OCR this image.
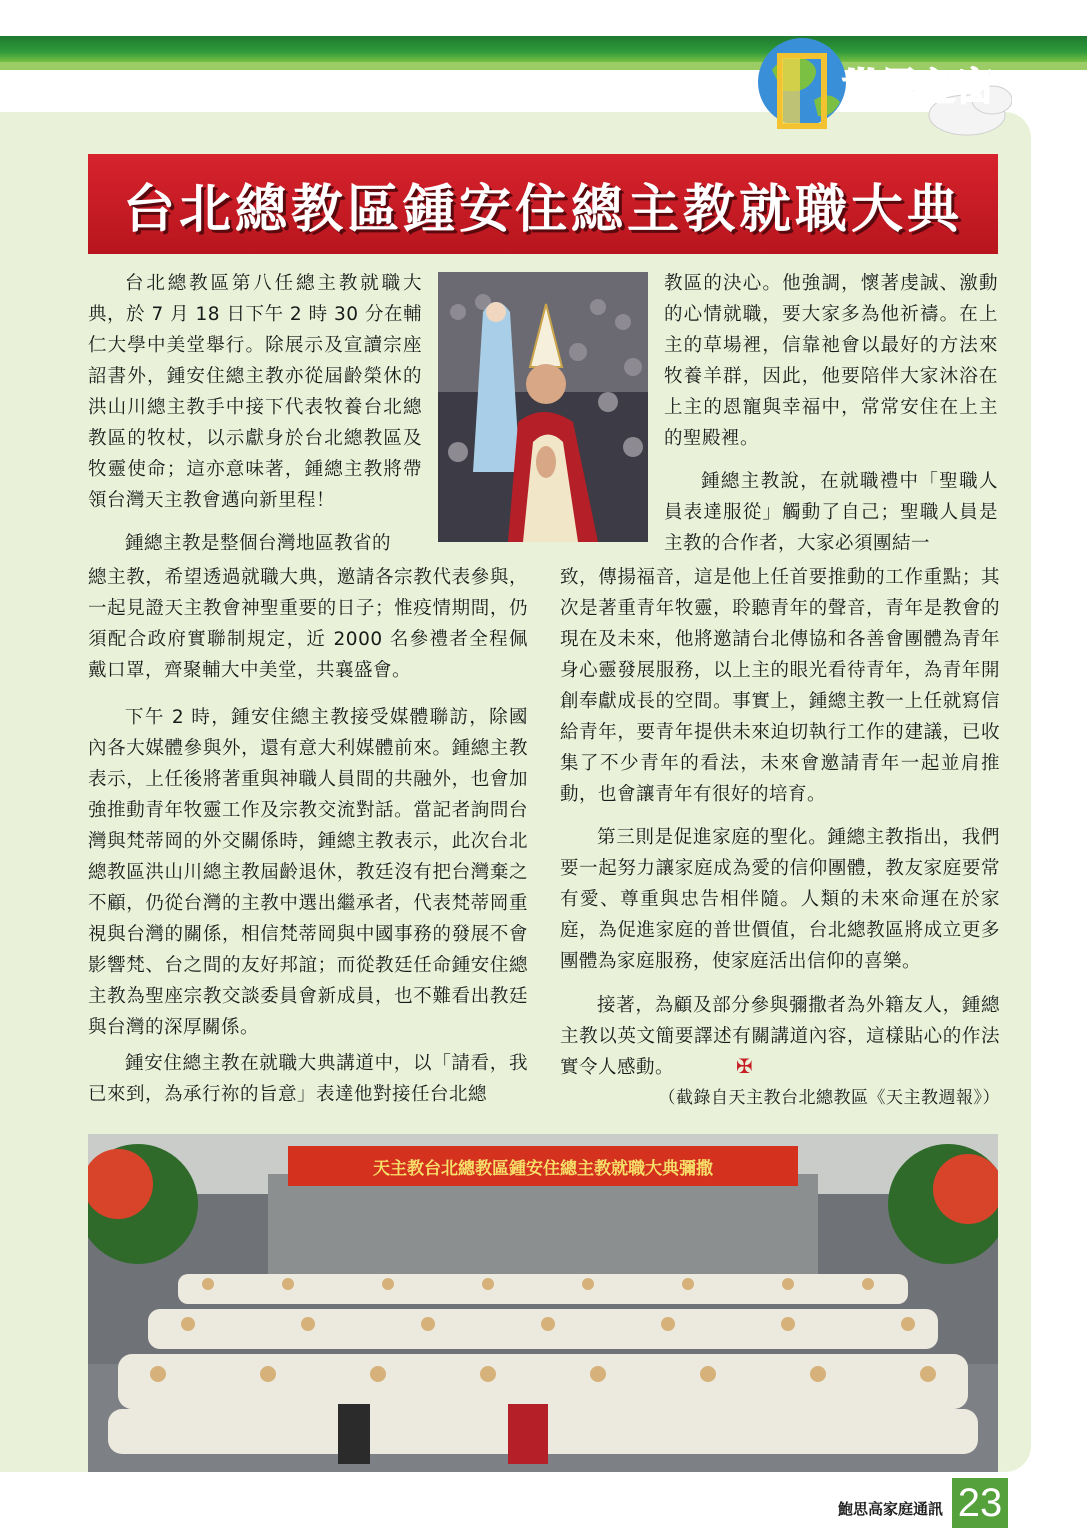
世界之窗
台北總教區鍾安住總主教就職大典
台北總教區第八任總主教就職大典，於 7 月 18 日下午 2 時 30 分在輔仁大學中美堂舉行。除展示及宣讀宗座詔書外，鍾安住總主教亦從屆齡榮休的洪山川總主教手中接下代表牧養台北總教區的牧杖，以示獻身於台北總教區及牧靈使命；這亦意味著，鍾總主教將帶領台灣天主教會邁向新里程！
鍾總主教是整個台灣地區教省的
總主教，希望透過就職大典，邀請各宗教代表參與，一起見證天主教會神聖重要的日子；惟疫情期間，仍須配合政府實聯制規定，近 2000 名參禮者全程佩戴口罩，齊聚輔大中美堂，共襄盛會。
下午 2 時，鍾安住總主教接受媒體聯訪，除國內各大媒體參與外，還有意大利媒體前來。鍾總主教表示，上任後將著重與神職人員間的共融外，也會加強推動青年牧靈工作及宗教交流對話。當記者詢問台灣與梵蒂岡的外交關係時，鍾總主教表示，此次台北總教區洪山川總主教屆齡退休，教廷沒有把台灣棄之不顧，仍從台灣的主教中選出繼承者，代表梵蒂岡重視與台灣的關係，相信梵蒂岡與中國事務的發展不會影響梵、台之間的友好邦誼；而從教廷任命鍾安住總主教為聖座宗教交談委員會新成員，也不難看出教廷與台灣的深厚關係。
鍾安住總主教在就職大典講道中，以「請看，我已來到，為承行祢的旨意」表達他對接任台北總
教區的決心。他強調，懷著虔誠、激動的心情就職，要大家多為他祈禱。在上主的草場裡，信靠祂會以最好的方法來牧養羊群，因此，他要陪伴大家沐浴在上主的恩寵與幸福中，常常安住在上主的聖殿裡。
鍾總主教說，在就職禮中「聖職人員表達服從」觸動了自己；聖職人員是主教的合作者，大家必須團結一
致，傳揚福音，這是他上任首要推動的工作重點；其次是著重青年牧靈，聆聽青年的聲音，青年是教會的現在及未來，他將邀請台北傳協和各善會團體為青年身心靈發展服務，以上主的眼光看待青年，為青年開創奉獻成長的空間。事實上，鍾總主教一上任就寫信給青年，要青年提供未來迫切執行工作的建議，已收集了不少青年的看法，未來會邀請青年一起並肩推動，也會讓青年有很好的培育。
第三則是促進家庭的聖化。鍾總主教指出，我們要一起努力讓家庭成為愛的信仰團體，教友家庭要常有愛、尊重與忠告相伴隨。人類的未來命運在於家庭，為促進家庭的普世價值，台北總教區將成立更多團體為家庭服務，使家庭活出信仰的喜樂。
接著，為顧及部分參與彌撒者為外籍友人，鍾總主教以英文簡要譯述有關講道內容，這樣貼心的作法實令人感動。	✠
（截錄自天主教台北總教區《天主教週報》）
天主教台北總教區鍾安住總主教就職大典彌撒
鮑思高家庭通訊 23
